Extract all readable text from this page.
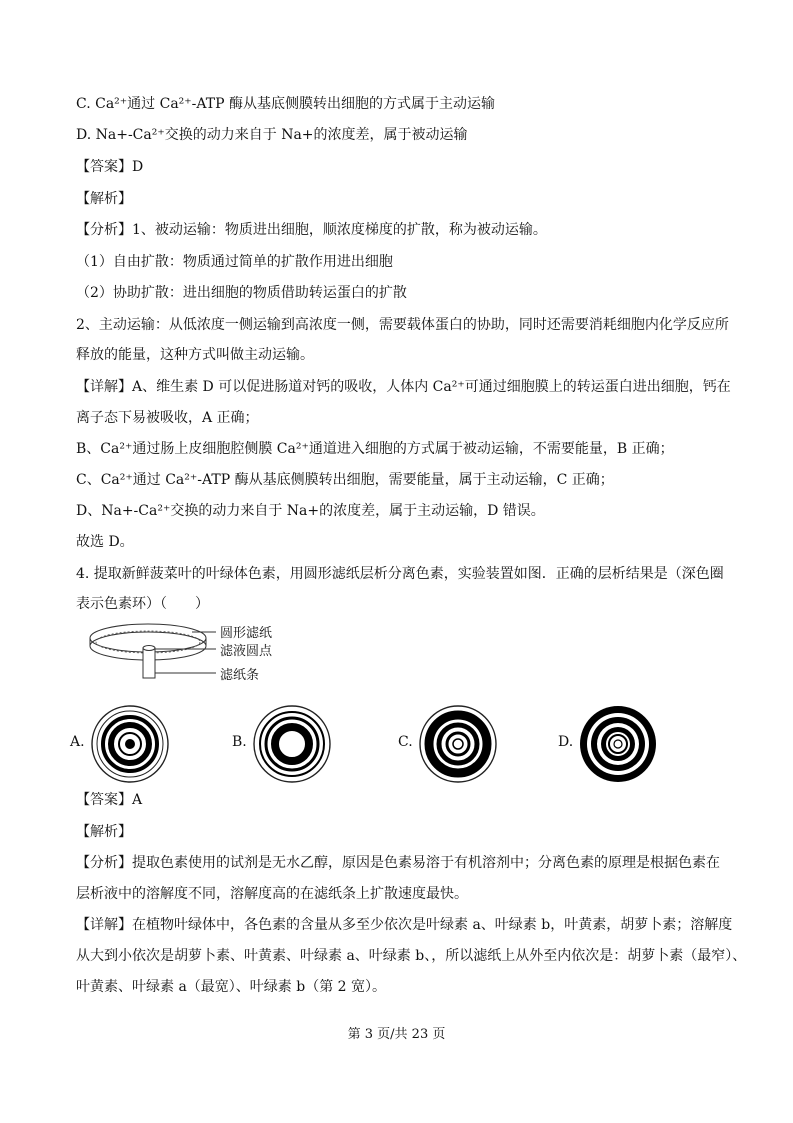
C. Ca²⁺通过 Ca²⁺-ATP 酶从基底侧膜转出细胞的方式属于主动运输
D. Na+-Ca²⁺交换的动力来自于 Na+的浓度差，属于被动运输
【答案】D
【解析】
【分析】1、被动运输：物质进出细胞，顺浓度梯度的扩散，称为被动运输。
（1）自由扩散：物质通过简单的扩散作用进出细胞
（2）协助扩散：进出细胞的物质借助转运蛋白的扩散
2、主动运输：从低浓度一侧运输到高浓度一侧，需要载体蛋白的协助，同时还需要消耗细胞内化学反应所
释放的能量，这种方式叫做主动运输。
【详解】A、维生素 D 可以促进肠道对钙的吸收，人体内 Ca²⁺可通过细胞膜上的转运蛋白进出细胞，钙在
离子态下易被吸收，A 正确；
B、Ca²⁺通过肠上皮细胞腔侧膜 Ca²⁺通道进入细胞的方式属于被动运输，不需要能量，B 正确；
C、Ca²⁺通过 Ca²⁺-ATP 酶从基底侧膜转出细胞，需要能量，属于主动运输，C 正确；
D、Na+-Ca²⁺交换的动力来自于 Na+的浓度差，属于主动运输，D 错误。
故选 D。
4. 提取新鲜菠菜叶的叶绿体色素，用圆形滤纸层析分离色素，实验装置如图．正确的层析结果是（深色圈
表示色素环）（　　）
圆形滤纸
滤液圆点
滤纸条
A.	B.	C.	D.
【答案】A
【解析】
【分析】提取色素使用的试剂是无水乙醇，原因是色素易溶于有机溶剂中；分离色素的原理是根据色素在
层析液中的溶解度不同，溶解度高的在滤纸条上扩散速度最快。
【详解】在植物叶绿体中，各色素的含量从多至少依次是叶绿素 a、叶绿素 b，叶黄素，胡萝卜素；溶解度
从大到小依次是胡萝卜素、叶黄素、叶绿素 a、叶绿素 b、，所以滤纸上从外至内依次是：胡萝卜素（最窄）、
叶黄素、叶绿素 a（最宽）、叶绿素 b（第 2 宽）。
第 3 页/共 23 页
